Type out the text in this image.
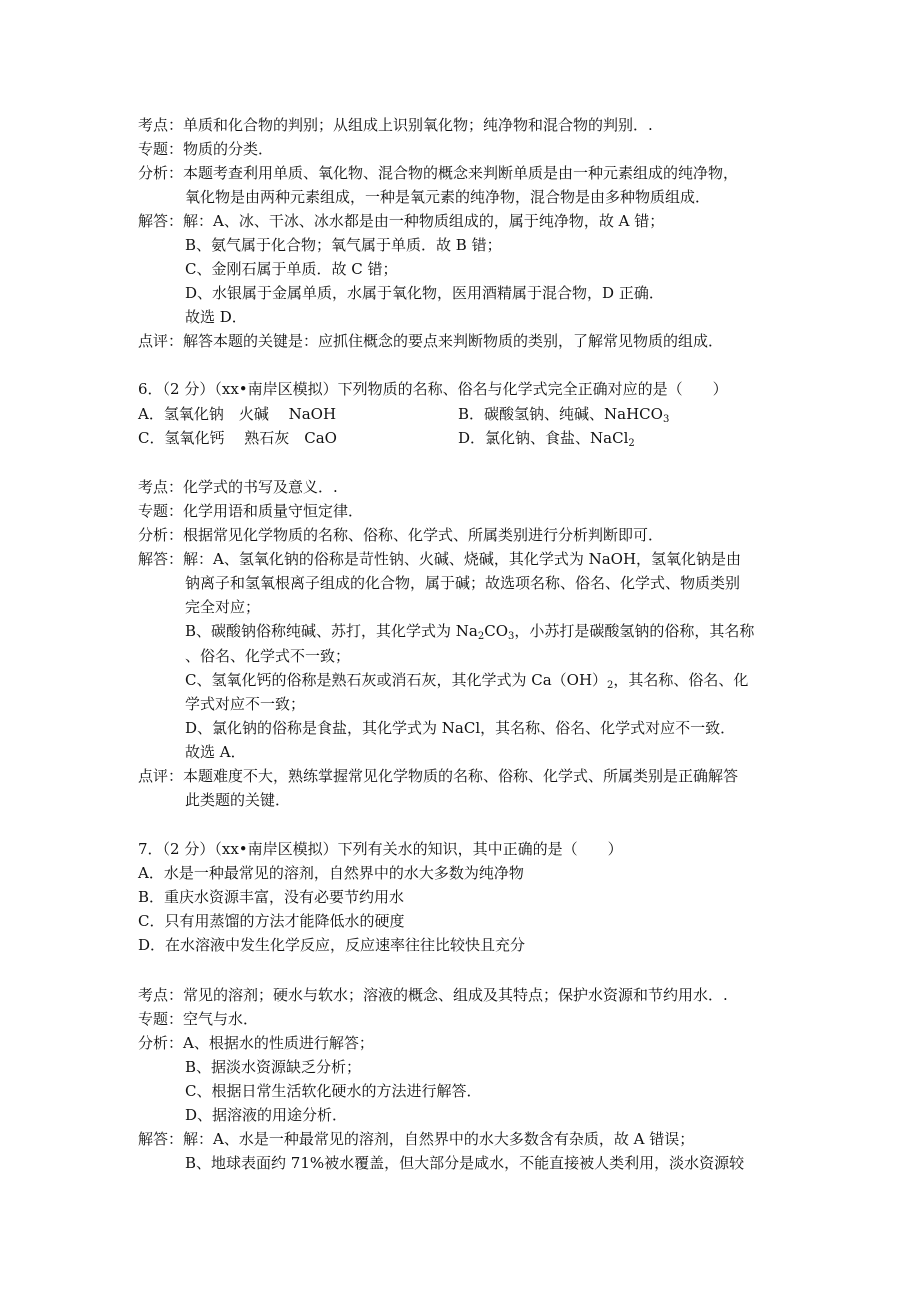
考点：单质和化合物的判别；从组成上识别氧化物；纯净物和混合物的判别．.
专题：物质的分类．
分析：本题考查利用单质、氧化物、混合物的概念来判断单质是由一种元素组成的纯净物，
氧化物是由两种元素组成，一种是氧元素的纯净物，混合物是由多种物质组成．
解答：解：A、冰、干冰、冰水都是由一种物质组成的，属于纯净物，故 A 错；
B、氨气属于化合物；氧气属于单质．故 B 错；
C、金刚石属于单质．故 C 错；
D、水银属于金属单质，水属于氧化物，医用酒精属于混合物，D 正确．
故选 D．
点评：解答本题的关键是：应抓住概念的要点来判断物质的类别，了解常见物质的组成．
6．（2 分）（xx•南岸区模拟）下列物质的名称、俗名与化学式完全正确对应的是（　　）
A．氢氧化钠　火碱　 NaOH	B．碳酸氢钠、纯碱、NaHCO$_3$
C．氢氧化钙　 熟石灰　CaO	D．氯化钠、食盐、NaCl$_2$
考点：化学式的书写及意义．.
专题：化学用语和质量守恒定律．
分析：根据常见化学物质的名称、俗称、化学式、所属类别进行分析判断即可．
解答：解：A、氢氧化钠的俗称是苛性钠、火碱、烧碱，其化学式为 NaOH，氢氧化钠是由
钠离子和氢氧根离子组成的化合物，属于碱；故选项名称、俗名、化学式、物质类别
完全对应；
B、碳酸钠俗称纯碱、苏打，其化学式为 $Na_2CO_3$，小苏打是碳酸氢钠的俗称，其名称
、俗名、化学式不一致；
C、氢氧化钙的俗称是熟石灰或消石灰，其化学式为 $Ca(OH)_2$，其名称、俗名、化
学式对应不一致；
D、氯化钠的俗称是食盐，其化学式为 NaCl，其名称、俗名、化学式对应不一致．
故选 A．
点评：本题难度不大，熟练掌握常见化学物质的名称、俗称、化学式、所属类别是正确解答
此类题的关键．
7．（2 分）（xx•南岸区模拟）下列有关水的知识，其中正确的是（　　）
A．水是一种最常见的溶剂，自然界中的水大多数为纯净物
B．重庆水资源丰富，没有必要节约用水
C．只有用蒸馏的方法才能降低水的硬度
D．在水溶液中发生化学反应，反应速率往往比较快且充分
考点：常见的溶剂；硬水与软水；溶液的概念、组成及其特点；保护水资源和节约用水．.
专题：空气与水．
分析：A、根据水的性质进行解答；
B、据淡水资源缺乏分析；
C、根据日常生活软化硬水的方法进行解答．
D、据溶液的用途分析．
解答：解：A、水是一种最常见的溶剂，自然界中的水大多数含有杂质，故 A 错误；
B、地球表面约 71%被水覆盖，但大部分是咸水，不能直接被人类利用，淡水资源较
